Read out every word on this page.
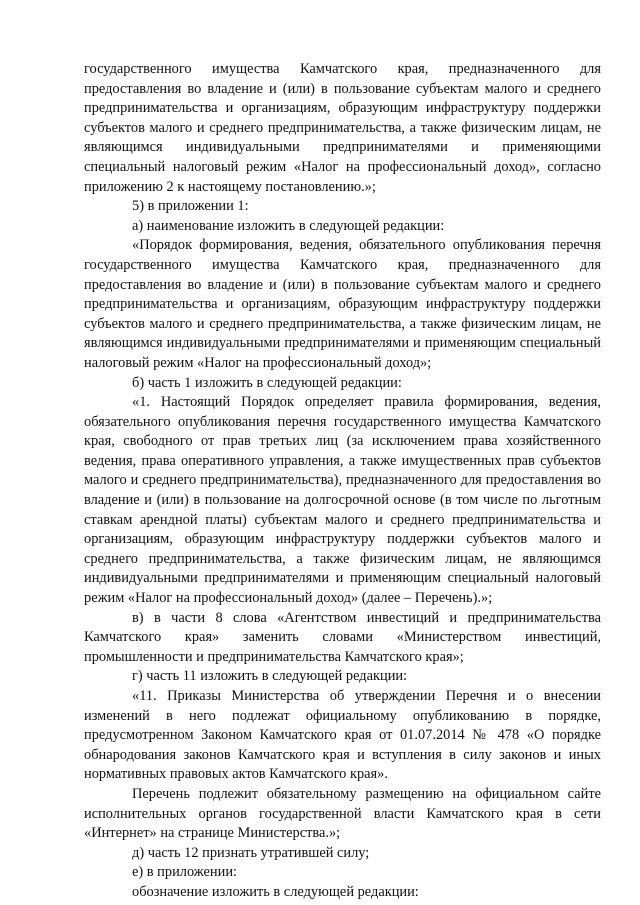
государственного имущества Камчатского края, предназначенного для предоставления во владение и (или) в пользование субъектам малого и среднего предпринимательства и организациям, образующим инфраструктуру поддержки субъектов малого и среднего предпринимательства, а также физическим лицам, не являющимся индивидуальными предпринимателями и применяющими специальный налоговый режим «Налог на профессиональный доход», согласно приложению 2 к настоящему постановлению.»;

5) в приложении 1:

а) наименование изложить в следующей редакции:

«Порядок формирования, ведения, обязательного опубликования перечня государственного имущества Камчатского края, предназначенного для предоставления во владение и (или) в пользование субъектам малого и среднего предпринимательства и организациям, образующим инфраструктуру поддержки субъектов малого и среднего предпринимательства, а также физическим лицам, не являющимся индивидуальными предпринимателями и применяющим специальный налоговый режим «Налог на профессиональный доход»;

б) часть 1 изложить в следующей редакции:

«1. Настоящий Порядок определяет правила формирования, ведения, обязательного опубликования перечня государственного имущества Камчатского края, свободного от прав третьих лиц (за исключением права хозяйственного ведения, права оперативного управления, а также имущественных прав субъектов малого и среднего предпринимательства), предназначенного для предоставления во владение и (или) в пользование на долгосрочной основе (в том числе по льготным ставкам арендной платы) субъектам малого и среднего предпринимательства и организациям, образующим инфраструктуру поддержки субъектов малого и среднего предпринимательства, а также физическим лицам, не являющимся индивидуальными предпринимателями и применяющим специальный налоговый режим «Налог на профессиональный доход» (далее – Перечень).»;

в) в части 8 слова «Агентством инвестиций и предпринимательства Камчатского края» заменить словами «Министерством инвестиций, промышленности и предпринимательства Камчатского края»;

г) часть 11 изложить в следующей редакции:

«11. Приказы Министерства об утверждении Перечня и о внесении изменений в него подлежат официальному опубликованию в порядке, предусмотренном Законом Камчатского края от 01.07.2014 № 478 «О порядке обнародования законов Камчатского края и вступления в силу законов и иных нормативных правовых актов Камчатского края».

Перечень подлежит обязательному размещению на официальном сайте исполнительных органов государственной власти Камчатского края в сети «Интернет» на странице Министерства.»;

д) часть 12 признать утратившей силу;

е) в приложении:

обозначение изложить в следующей редакции:
